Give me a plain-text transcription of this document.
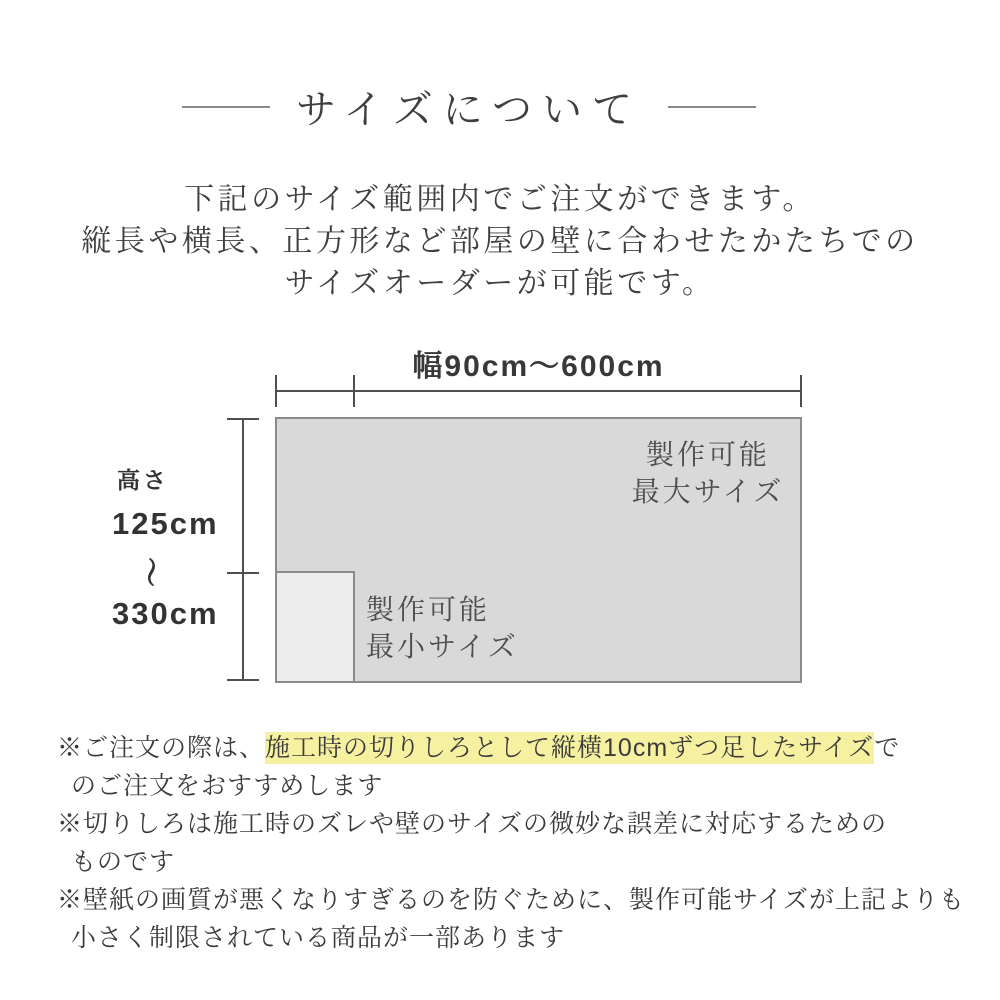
サイズについて

下記のサイズ範囲内でご注文ができます。
縦長や横長、正方形など部屋の壁に合わせたかたちでの
サイズオーダーが可能です。

幅90cm〜600cm
高さ
125cm
〜
330cm
製作可能
最大サイズ
製作可能
最小サイズ
※ご注文の際は、施工時の切りしろとして縦横10cmずつ足したサイズで
のご注文をおすすめします
※切りしろは施工時のズレや壁のサイズの微妙な誤差に対応するための
ものです
※壁紙の画質が悪くなりすぎるのを防ぐために、製作可能サイズが上記よりも
小さく制限されている商品が一部あります
